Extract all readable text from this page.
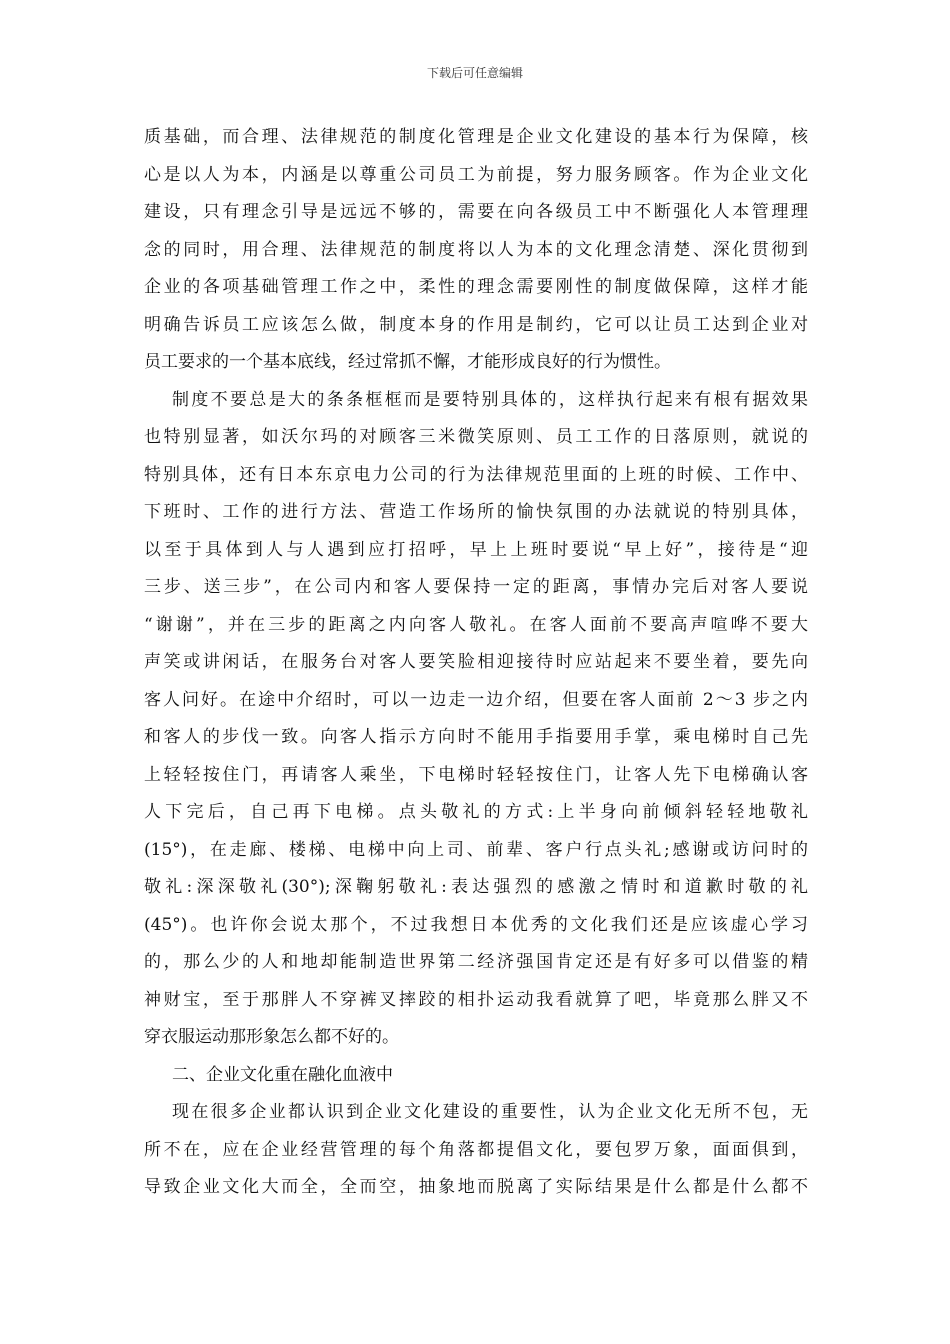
下载后可任意编辑
质基础，而合理、法律规范的制度化管理是企业文化建设的基本行为保障，核
心是以人为本，内涵是以尊重公司员工为前提，努力服务顾客。作为企业文化
建设，只有理念引导是远远不够的，需要在向各级员工中不断强化人本管理理
念的同时，用合理、法律规范的制度将以人为本的文化理念清楚、深化贯彻到
企业的各项基础管理工作之中，柔性的理念需要刚性的制度做保障，这样才能
明确告诉员工应该怎么做，制度本身的作用是制约，它可以让员工达到企业对
员工要求的一个基本底线，经过常抓不懈，才能形成良好的行为惯性。
制度不要总是大的条条框框而是要特别具体的，这样执行起来有根有据效果
也特别显著，如沃尔玛的对顾客三米微笑原则、员工工作的日落原则，就说的
特别具体，还有日本东京电力公司的行为法律规范里面的上班的时候、工作中、
下班时、工作的进行方法、营造工作场所的愉快氛围的办法就说的特别具体，
以至于具体到人与人遇到应打招呼，早上上班时要说“早上好”，接待是“迎
三步、送三步”，在公司内和客人要保持一定的距离，事情办完后对客人要说
“谢谢”，并在三步的距离之内向客人敬礼。在客人面前不要高声喧哗不要大
声笑或讲闲话，在服务台对客人要笑脸相迎接待时应站起来不要坐着，要先向
客人问好。在途中介绍时，可以一边走一边介绍，但要在客人面前 2～3 步之内
和客人的步伐一致。向客人指示方向时不能用手指要用手掌，乘电梯时自己先
上轻轻按住门，再请客人乘坐，下电梯时轻轻按住门，让客人先下电梯确认客
人下完后，自己再下电梯。点头敬礼的方式:上半身向前倾斜轻轻地敬礼
(15°)，在走廊、楼梯、电梯中向上司、前辈、客户行点头礼;感谢或访问时的
敬礼:深深敬礼(30°);深鞠躬敬礼:表达强烈的感激之情时和道歉时敬的礼
(45°)。也许你会说太那个，不过我想日本优秀的文化我们还是应该虚心学习
的，那么少的人和地却能制造世界第二经济强国肯定还是有好多可以借鉴的精
神财宝，至于那胖人不穿裤叉摔跤的相扑运动我看就算了吧，毕竟那么胖又不
穿衣服运动那形象怎么都不好的。
二、企业文化重在融化血液中
现在很多企业都认识到企业文化建设的重要性，认为企业文化无所不包，无
所不在，应在企业经营管理的每个角落都提倡文化，要包罗万象，面面俱到，
导致企业文化大而全，全而空，抽象地而脱离了实际结果是什么都是什么都不
